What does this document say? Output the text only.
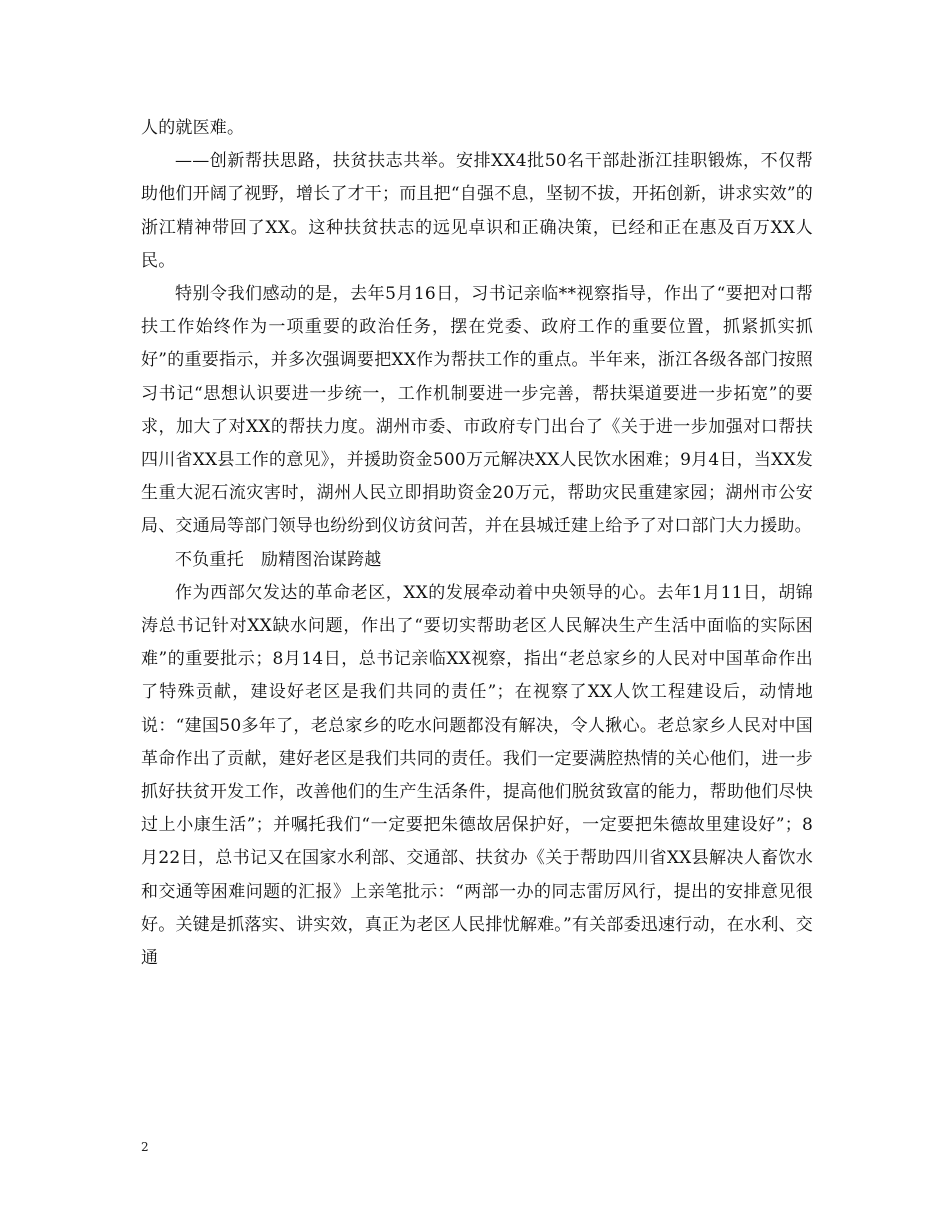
人的就医难。

——创新帮扶思路，扶贫扶志共举。安排XX4批50名干部赴浙江挂职锻炼，不仅帮助他们开阔了视野，增长了才干；而且把“自强不息，坚韧不拔，开拓创新，讲求实效”的浙江精神带回了XX。这种扶贫扶志的远见卓识和正确决策，已经和正在惠及百万XX人民。

特别令我们感动的是，去年5月16日，习书记亲临**视察指导，作出了“要把对口帮扶工作始终作为一项重要的政治任务，摆在党委、政府工作的重要位置，抓紧抓实抓好”的重要指示，并多次强调要把XX作为帮扶工作的重点。半年来，浙江各级各部门按照习书记“思想认识要进一步统一，工作机制要进一步完善，帮扶渠道要进一步拓宽”的要求，加大了对XX的帮扶力度。湖州市委、市政府专门出台了《关于进一步加强对口帮扶四川省XX县工作的意见》，并援助资金500万元解决XX人民饮水困难；9月4日，当XX发生重大泥石流灾害时，湖州人民立即捐助资金20万元，帮助灾民重建家园；湖州市公安局、交通局等部门领导也纷纷到仪访贫问苦，并在县城迁建上给予了对口部门大力援助。

不负重托　励精图治谋跨越

作为西部欠发达的革命老区，XX的发展牵动着中央领导的心。去年1月11日，胡锦涛总书记针对XX缺水问题，作出了“要切实帮助老区人民解决生产生活中面临的实际困难”的重要批示；8月14日，总书记亲临XX视察，指出“老总家乡的人民对中国革命作出了特殊贡献，建设好老区是我们共同的责任”；在视察了XX人饮工程建设后，动情地说：“建国50多年了，老总家乡的吃水问题都没有解决，令人揪心。老总家乡人民对中国革命作出了贡献，建好老区是我们共同的责任。我们一定要满腔热情的关心他们，进一步抓好扶贫开发工作，改善他们的生产生活条件，提高他们脱贫致富的能力，帮助他们尽快过上小康生活”；并嘱托我们“一定要把朱德故居保护好，一定要把朱德故里建设好”；8月22日，总书记又在国家水利部、交通部、扶贫办《关于帮助四川省XX县解决人畜饮水和交通等困难问题的汇报》上亲笔批示：“两部一办的同志雷厉风行，提出的安排意见很好。关键是抓落实、讲实效，真正为老区人民排忧解难。”有关部委迅速行动，在水利、交通

2
